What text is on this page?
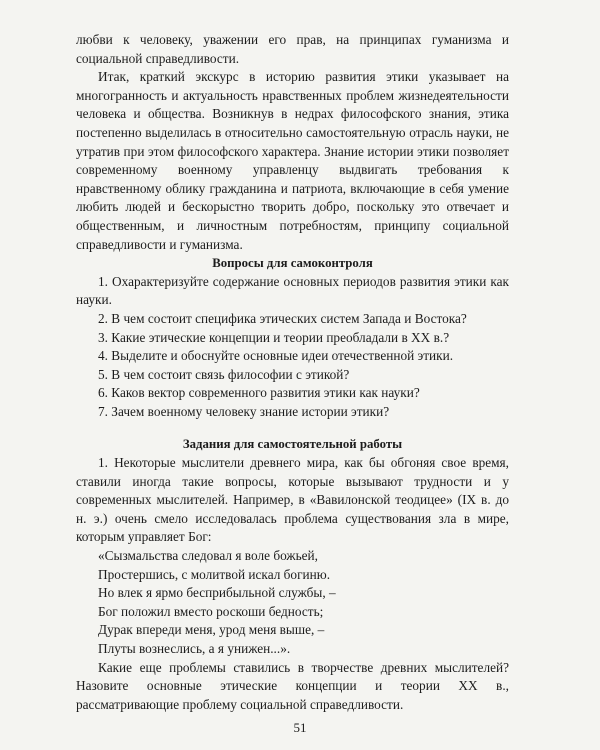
любви к человеку, уважении его прав, на принципах гуманизма и социальной справедливости.

Итак, краткий экскурс в историю развития этики указывает на многогранность и актуальность нравственных проблем жизнедеятельности человека и общества. Возникнув в недрах философского знания, этика постепенно выделилась в относительно самостоятельную отрасль науки, не утратив при этом философского характера. Знание истории этики позволяет современному военному управленцу выдвигать требования к нравственному облику гражданина и патриота, включающие в себя умение любить людей и бескорыстно творить добро, поскольку это отвечает и общественным, и личностным потребностям, принципу социальной справедливости и гуманизма.

Вопросы для самоконтроля

1. Охарактеризуйте содержание основных периодов развития этики как науки.

2. В чем состоит специфика этических систем Запада и Востока?

3. Какие этические концепции и теории преобладали в XX в.?

4. Выделите и обоснуйте основные идеи отечественной этики.

5. В чем состоит связь философии с этикой?

6. Каков вектор современного развития этики как науки?

7. Зачем военному человеку знание истории этики?

Задания для самостоятельной работы

1. Некоторые мыслители древнего мира, как бы обгоняя свое время, ставили иногда такие вопросы, которые вызывают трудности и у современных мыслителей. Например, в «Вавилонской теодицее» (IX в. до н. э.) очень смело исследовалась проблема существования зла в мире, которым управляет Бог:

«Сызмальства следовал я воле божьей,
Простершись, с молитвой искал богиню.
Но влек я ярмо бесприбыльной службы, –
Бог положил вместо роскоши бедность;
Дурак впереди меня, урод меня выше, –
Плуты вознеслись, а я унижен...».

Какие еще проблемы ставились в творчестве древних мыслителей? Назовите основные этические концепции и теории XX в., рассматривающие проблему социальной справедливости.

51
